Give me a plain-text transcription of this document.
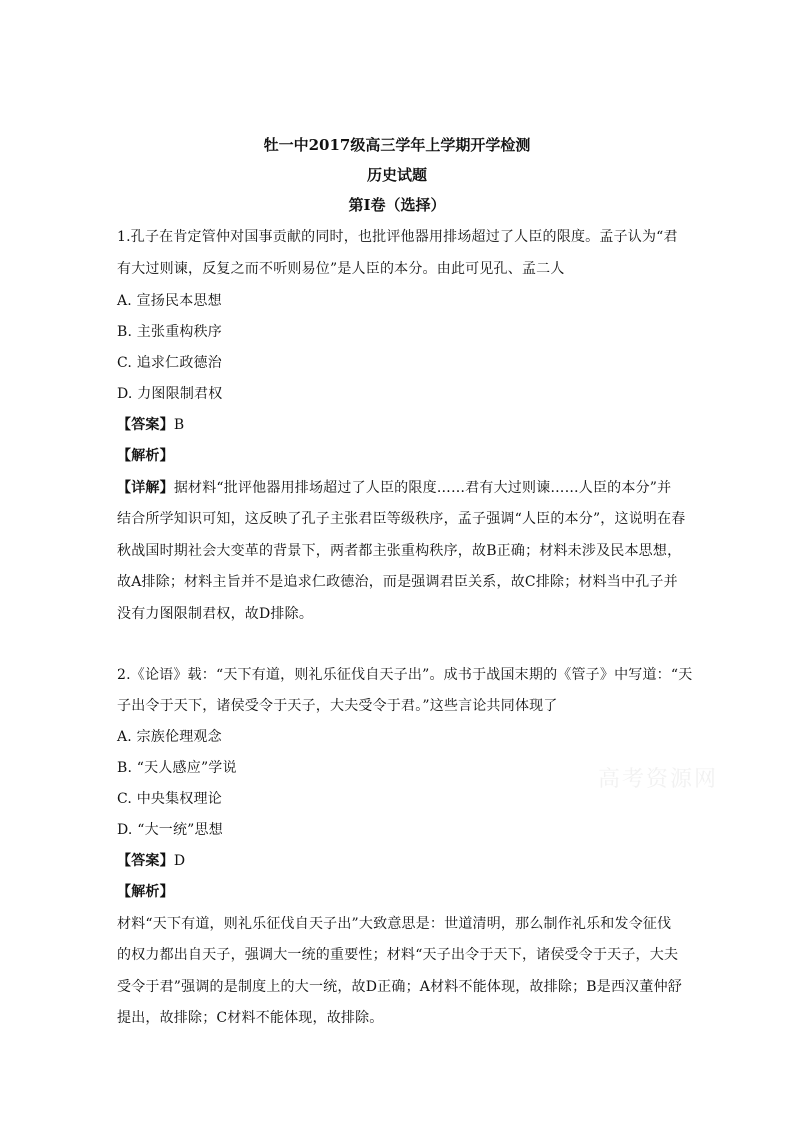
牡一中2017级高三学年上学期开学检测
历史试题
第Ⅰ卷（选择）
1.孔子在肯定管仲对国事贡献的同时，也批评他器用排场超过了人臣的限度。孟子认为“君
有大过则谏，反复之而不听则易位”是人臣的本分。由此可见孔、孟二人
A. 宣扬民本思想
B. 主张重构秩序
C. 追求仁政德治
D. 力图限制君权
【答案】B
【解析】
【详解】据材料“批评他器用排场超过了人臣的限度……君有大过则谏……人臣的本分”并
结合所学知识可知，这反映了孔子主张君臣等级秩序，孟子强调“人臣的本分”，这说明在春
秋战国时期社会大变革的背景下，两者都主张重构秩序，故B正确；材料未涉及民本思想，
故A排除；材料主旨并不是追求仁政德治，而是强调君臣关系，故C排除；材料当中孔子并
没有力图限制君权，故D排除。
2.《论语》载：“天下有道，则礼乐征伐自天子出”。成书于战国末期的《管子》中写道：“天
子出令于天下，诸侯受令于天子，大夫受令于君。”这些言论共同体现了
A. 宗族伦理观念
B. “天人感应”学说
C. 中央集权理论
D. “大一统”思想
【答案】D
【解析】
材料“天下有道，则礼乐征伐自天子出”大致意思是：世道清明，那么制作礼乐和发令征伐
的权力都出自天子，强调大一统的重要性；材料“天子出令于天下，诸侯受令于天子，大夫
受令于君”强调的是制度上的大一统，故D正确；A材料不能体现，故排除；B是西汉董仲舒
提出，故排除；C材料不能体现，故排除。
高考资源网
